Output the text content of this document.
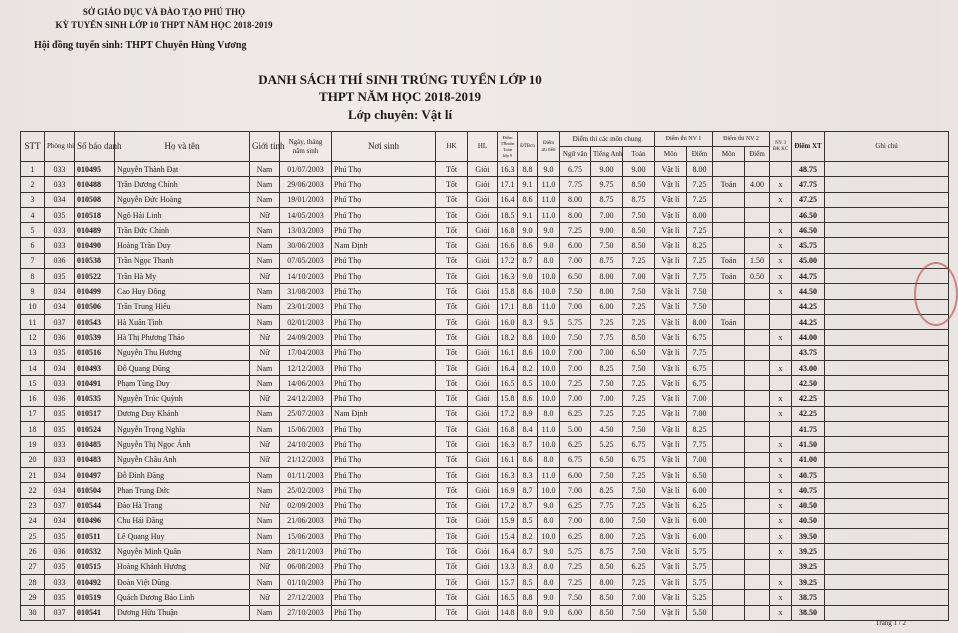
SỞ GIÁO DỤC VÀ ĐÀO TẠO PHÚ THỌ
KỲ TUYỂN SINH LỚP 10 THPT NĂM HỌC 2018-2019
Hội đồng tuyển sinh: THPT Chuyên Hùng Vương
DANH SÁCH THÍ SINH TRÚNG TUYỂN LỚP 10
THPT NĂM HỌC 2018-2019
Lớp chuyên: Vật lí
STT	Phòng thi	Số báo danh	Họ và tên	Giới tính	Ngày, tháng năm sinh	Nơi sinh	HK	HL	Điểm TBmôn Toán lớp 9	ĐTBcn	Điểm ưu tiên	Điểm thi các môn chung			Điểm thi NV 1		Điểm thi NV 2		NV 3 ĐK KC	Điểm XT	Ghi chú
												Ngữ văn	Tiếng Anh	Toán	Môn	Điểm	Môn	Điểm			
1	033	010495	Nguyễn Thành Đạt	Nam	01/07/2003	Phú Thọ	Tốt	Giỏi	16.3	8.8	9.0	6.75	9.00	9.00	Vật lí	8.00				48.75	
2	033	010488	Trần Dương Chính	Nam	29/06/2003	Phú Thọ	Tốt	Giỏi	17.1	9.1	11.0	7.75	9.75	8.50	Vật lí	7.25	Toán	4.00	x	47.75	
3	034	010508	Nguyễn Đức Hoàng	Nam	19/01/2003	Phú Thọ	Tốt	Giỏi	16.4	8.6	11.0	8.00	8.75	8.75	Vật lí	7.25			x	47.25	
4	035	010518	Ngô Hải Linh	Nữ	14/05/2003	Phú Thọ	Tốt	Giỏi	18.5	9.1	11.0	8.00	7.00	7.50	Vật lí	8.00				46.50	
5	033	010489	Trần Đức Chính	Nam	13/03/2003	Phú Thọ	Tốt	Giỏi	16.8	9.0	9.0	7.25	9.00	8.50	Vật lí	7.25			x	46.50	
6	033	010490	Hoàng Trần Duy	Nam	30/06/2003	Nam Định	Tốt	Giỏi	16.6	8.6	9.0	6.00	7.50	8.50	Vật lí	8.25			x	45.75	
7	036	010538	Trần Ngọc Thanh	Nam	07/05/2003	Phú Thọ	Tốt	Giỏi	17.2	8.7	8.0	7.00	8.75	7.25	Vật lí	7.25	Toán	1.50	x	45.00	
8	035	010522	Trần Hà My	Nữ	14/10/2003	Phú Thọ	Tốt	Giỏi	16.3	9.0	10.0	6.50	8.00	7.00	Vật lí	7.75	Toán	0.50	x	44.75	
9	034	010499	Cao Huy Đông	Nam	31/08/2003	Phú Thọ	Tốt	Giỏi	15.8	8.6	10.0	7.50	8.00	7.50	Vật lí	7.50			x	44.50	
10	034	010506	Trần Trung Hiếu	Nam	23/01/2003	Phú Thọ	Tốt	Giỏi	17.1	8.8	11.0	7.00	6.00	7.25	Vật lí	7.50				44.25	
11	037	010543	Hà Xuân Tình	Nam	02/01/2003	Phú Thọ	Tốt	Giỏi	16.0	8.3	9.5	5.75	7.25	7.25	Vật lí	8.00	Toán			44.25	
12	036	010539	Hà Thị Phương Thảo	Nữ	24/09/2003	Phú Thọ	Tốt	Giỏi	18.2	8.8	10.0	7.50	7.75	8.50	Vật lí	6.75			x	44.00	
13	035	010516	Nguyễn Thu Hương	Nữ	17/04/2003	Phú Thọ	Tốt	Giỏi	16.1	8.6	10.0	7.00	7.00	6.50	Vật lí	7.75				43.75	
14	034	010493	Đỗ Quang Dũng	Nam	12/12/2003	Phú Thọ	Tốt	Giỏi	16.4	8.2	10.0	7.00	8.25	7.50	Vật lí	6.75			x	43.00	
15	033	010491	Phạm Tùng Duy	Nam	14/06/2003	Phú Thọ	Tốt	Giỏi	16.5	8.5	10.0	7.25	7.50	7.25	Vật lí	6.75				42.50	
16	036	010535	Nguyễn Trúc Quỳnh	Nữ	24/12/2003	Phú Thọ	Tốt	Giỏi	15.8	8.6	10.0	7.00	7.00	7.25	Vật lí	7.00			x	42.25	
17	035	010517	Dương Duy Khánh	Nam	25/07/2003	Nam Định	Tốt	Giỏi	17.2	8.9	8.0	6.25	7.25	7.25	Vật lí	7.00			x	42.25	
18	035	010524	Nguyễn Trọng Nghĩa	Nam	15/06/2003	Phú Thọ	Tốt	Giỏi	16.8	8.4	11.0	5.00	4.50	7.50	Vật lí	8.25				41.75	
19	033	010485	Nguyễn Thị Ngọc Ánh	Nữ	24/10/2003	Phú Thọ	Tốt	Giỏi	16.3	8.7	10.0	6.25	5.25	6.75	Vật lí	7.75			x	41.50	
20	033	010483	Nguyễn Châu Anh	Nữ	21/12/2003	Phú Thọ	Tốt	Giỏi	16.1	8.6	8.0	6.75	6.50	6.75	Vật lí	7.00			x	41.00	
21	034	010497	Đỗ Đình Đăng	Nam	01/11/2003	Phú Thọ	Tốt	Giỏi	16.3	8.3	11.0	6.00	7.50	7.25	Vật lí	6.50			x	40.75	
22	034	010504	Phan Trung Đức	Nam	25/02/2003	Phú Thọ	Tốt	Giỏi	16.9	8.7	10.0	7.00	8.25	7.50	Vật lí	6.00			x	40.75	
23	037	010544	Đào Hà Trang	Nữ	02/09/2003	Phú Thọ	Tốt	Giỏi	17.2	8.7	9.0	6.25	7.75	7.25	Vật lí	6.25			x	40.50	
24	034	010496	Chu Hải Đăng	Nam	21/06/2003	Phú Thọ	Tốt	Giỏi	15.9	8.5	8.0	7.00	8.00	7.50	Vật lí	6.00			x	40.50	
25	035	010511	Lê Quang Huy	Nam	15/06/2003	Phú Thọ	Tốt	Giỏi	15.4	8.2	10.0	6.25	8.00	7.25	Vật lí	6.00			x	39.50	
26	036	010532	Nguyễn Minh Quân	Nam	28/11/2003	Phú Thọ	Tốt	Giỏi	16.4	8.7	9.0	5.75	8.75	7.50	Vật lí	5.75			x	39.25	
27	035	010515	Hoàng Khánh Hương	Nữ	06/08/2003	Phú Thọ	Tốt	Giỏi	13.3	8.3	8.0	7.25	8.50	6.25	Vật lí	5.75				39.25	
28	033	010492	Đoàn Việt Dũng	Nam	01/10/2003	Phú Thọ	Tốt	Giỏi	15.7	8.5	8.0	7.25	8.00	7.25	Vật lí	5.75			x	39.25	
29	035	010519	Quách Dương Bảo Linh	Nữ	27/12/2003	Phú Thọ	Tốt	Giỏi	16.5	8.8	9.0	7.50	8.50	7.00	Vật lí	5.25			x	38.75	
30	037	010541	Dương Hữu Thuận	Nam	27/10/2003	Phú Thọ	Tốt	Giỏi	14.8	8.0	9.0	6.00	8.50	7.50	Vật lí	5.50			x	38.50	
Trang 1 / 2
